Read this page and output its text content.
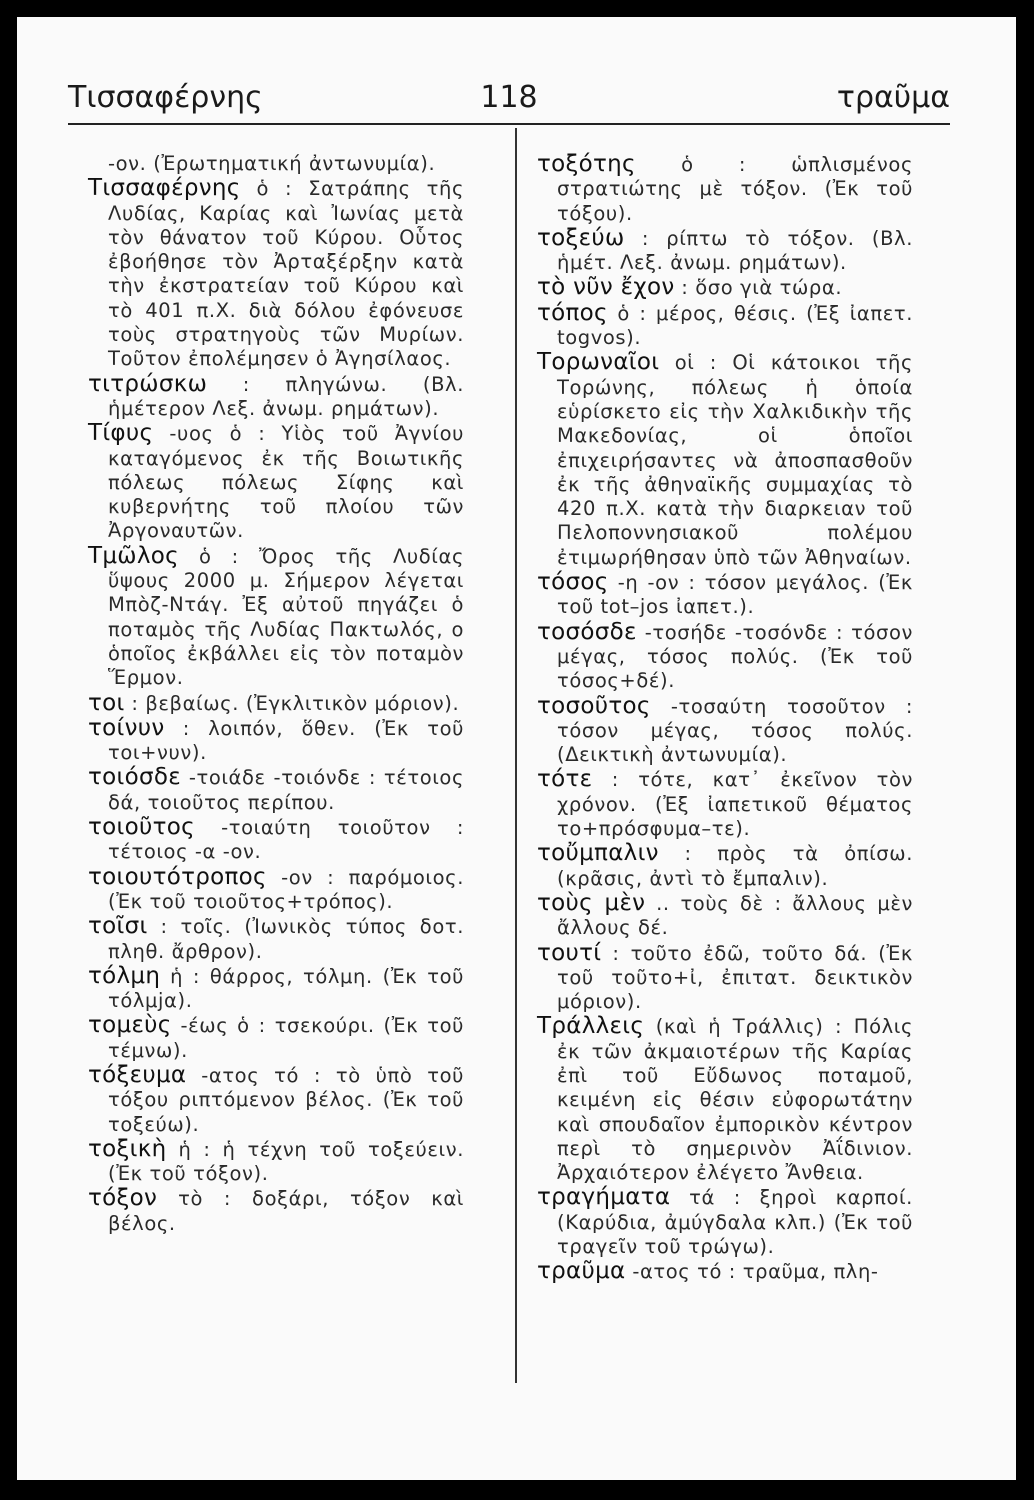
Τισσαφέρνης	118	τραῦμα
-ον. (Ἐρωτηματική ἀντωνυμία).
Τισσαφέρνης ὁ : Σατράπης τῆς Λυδίας, Καρίας καὶ Ἰωνίας μετὰ τὸν θάνατον τοῦ Κύρου. Οὗτος ἐβοήθησε τὸν Ἀρταξέρξην κατὰ τὴν ἐκστρατείαν τοῦ Κύρου καὶ τὸ 401 π.Χ. διὰ δόλου ἐφόνευσε τοὺς στρατηγοὺς τῶν Μυρίων. Τοῦτον ἐπολέμησεν ὁ Ἀγησίλαος.
τιτρώσκω : πληγώνω. (Βλ. ἡμέτερον Λεξ. ἀνωμ. ρημάτων).
Τίφυς -υος ὁ : Υἱὸς τοῦ Ἀγνίου καταγόμενος ἐκ τῆς Βοιωτικῆς πόλεως πόλεως Σίφης καὶ κυβερνήτης τοῦ πλοίου τῶν Ἀργοναυτῶν.
Τμῶλος ὁ : Ὄρος τῆς Λυδίας ὕψους 2000 μ. Σήμερον λέγεται Μπὸζ-Ντάγ. Ἐξ αὐτοῦ πηγάζει ὁ ποταμὸς τῆς Λυδίας Πακτωλός, ο ὁποῖος ἐκβάλλει εἰς τὸν ποταμὸν Ἕρμον.
τοι : βεβαίως. (Ἐγκλιτικὸν μόριον).
τοίνυν : λοιπόν, ὅθεν. (Ἐκ τοῦ τοι+νυν).
τοιόσδε -τοιάδε -τοιόνδε : τέτοιος δά, τοιοῦτος περίπου.
τοιοῦτος -τοιαύτη τοιοῦτον : τέτοιος -α -ον.
τοιουτότροπος -ον : παρόμοιος. (Ἐκ τοῦ τοιοῦτος+τρόπος).
τοῖσι : τοῖς. (Ἰωνικὸς τύπος δοτ. πληθ. ἄρθρον).
τόλμη ἡ : θάρρος, τόλμη. (Ἐκ τοῦ τόλμjα).
τομεὺς -έως ὁ : τσεκούρι. (Ἐκ τοῦ τέμνω).
τόξευμα -ατος τό : τὸ ὑπὸ τοῦ τόξου ριπτόμενον βέλος. (Ἐκ τοῦ τοξεύω).
τοξικὴ ἡ : ἡ τέχνη τοῦ τοξεύειν. (Ἐκ τοῦ τόξον).
τόξον τὸ : δοξάρι, τόξον καὶ βέλος.
τοξότης ὁ : ὡπλισμένος στρατιώτης μὲ τόξον. (Ἐκ τοῦ τόξου).
τοξεύω : ρίπτω τὸ τόξον. (Βλ. ἡμέτ. Λεξ. ἀνωμ. ρημάτων).
τὸ νῦν ἔχον : ὅσο γιὰ τώρα.
τόπος ὁ : μέρος, θέσις. (Ἐξ ἰαπετ. togvos).
Τορωναῖοι οἱ : Οἱ κάτοικοι τῆς Τορώνης, πόλεως ἡ ὁποία εὑρίσκετο εἰς τὴν Χαλκιδικὴν τῆς Μακεδονίας, οἱ ὁποῖοι ἐπιχειρήσαντες νὰ ἀποσπασθοῦν ἐκ τῆς ἀθηναϊκῆς συμμαχίας τὸ 420 π.Χ. κατὰ τὴν διαρκειαν τοῦ Πελοποννησιακοῦ πολέμου ἐτιμωρήθησαν ὑπὸ τῶν Ἀθηναίων.
τόσος -η -ον : τόσον μεγάλος. (Ἐκ τοῦ tot–jos ἰαπετ.).
τοσόσδε -τοσήδε -τοσόνδε : τόσον μέγας, τόσος πολύς. (Ἐκ τοῦ τόσος+δέ).
τοσοῦτος -τοσαύτη τοσοῦτον : τόσον μέγας, τόσος πολύς. (Δεικτικὴ ἀντωνυμία).
τότε : τότε, κατ᾽ ἐκεῖνον τὸν χρόνον. (Ἐξ ἰαπετικοῦ θέματος το+πρόσφυμα–τε).
τοὔμπαλιν : πρὸς τὰ ὀπίσω. (κρᾶσις, ἀντὶ τὸ ἔμπαλιν).
τοὺς μὲν .. τοὺς δὲ : ἄλλους μὲν ἄλλους δέ.
τουτί : τοῦτο ἐδῶ, τοῦτο δά. (Ἐκ τοῦ τοῦτο+ἰ, ἐπιτατ. δεικτικὸν μόριον).
Τράλλεις (καὶ ἡ Τράλλις) : Πόλις ἐκ τῶν ἀκμαιοτέρων τῆς Καρίας ἐπὶ τοῦ Εὔδωνος ποταμοῦ, κειμένη εἰς θέσιν εὐφορωτάτην καὶ σπουδαῖον ἐμπορικὸν κέντρον περὶ τὸ σημερινὸν Ἀΐδινιον. Ἀρχαιότερον ἐλέγετο Ἄνθεια.
τραγήματα τά : ξηροὶ καρποί. (Καρύδια, ἀμύγδαλα κλπ.) (Ἐκ τοῦ τραγεῖν τοῦ τρώγω).
τραῦμα -ατος τό : τραῦμα, πλη-
